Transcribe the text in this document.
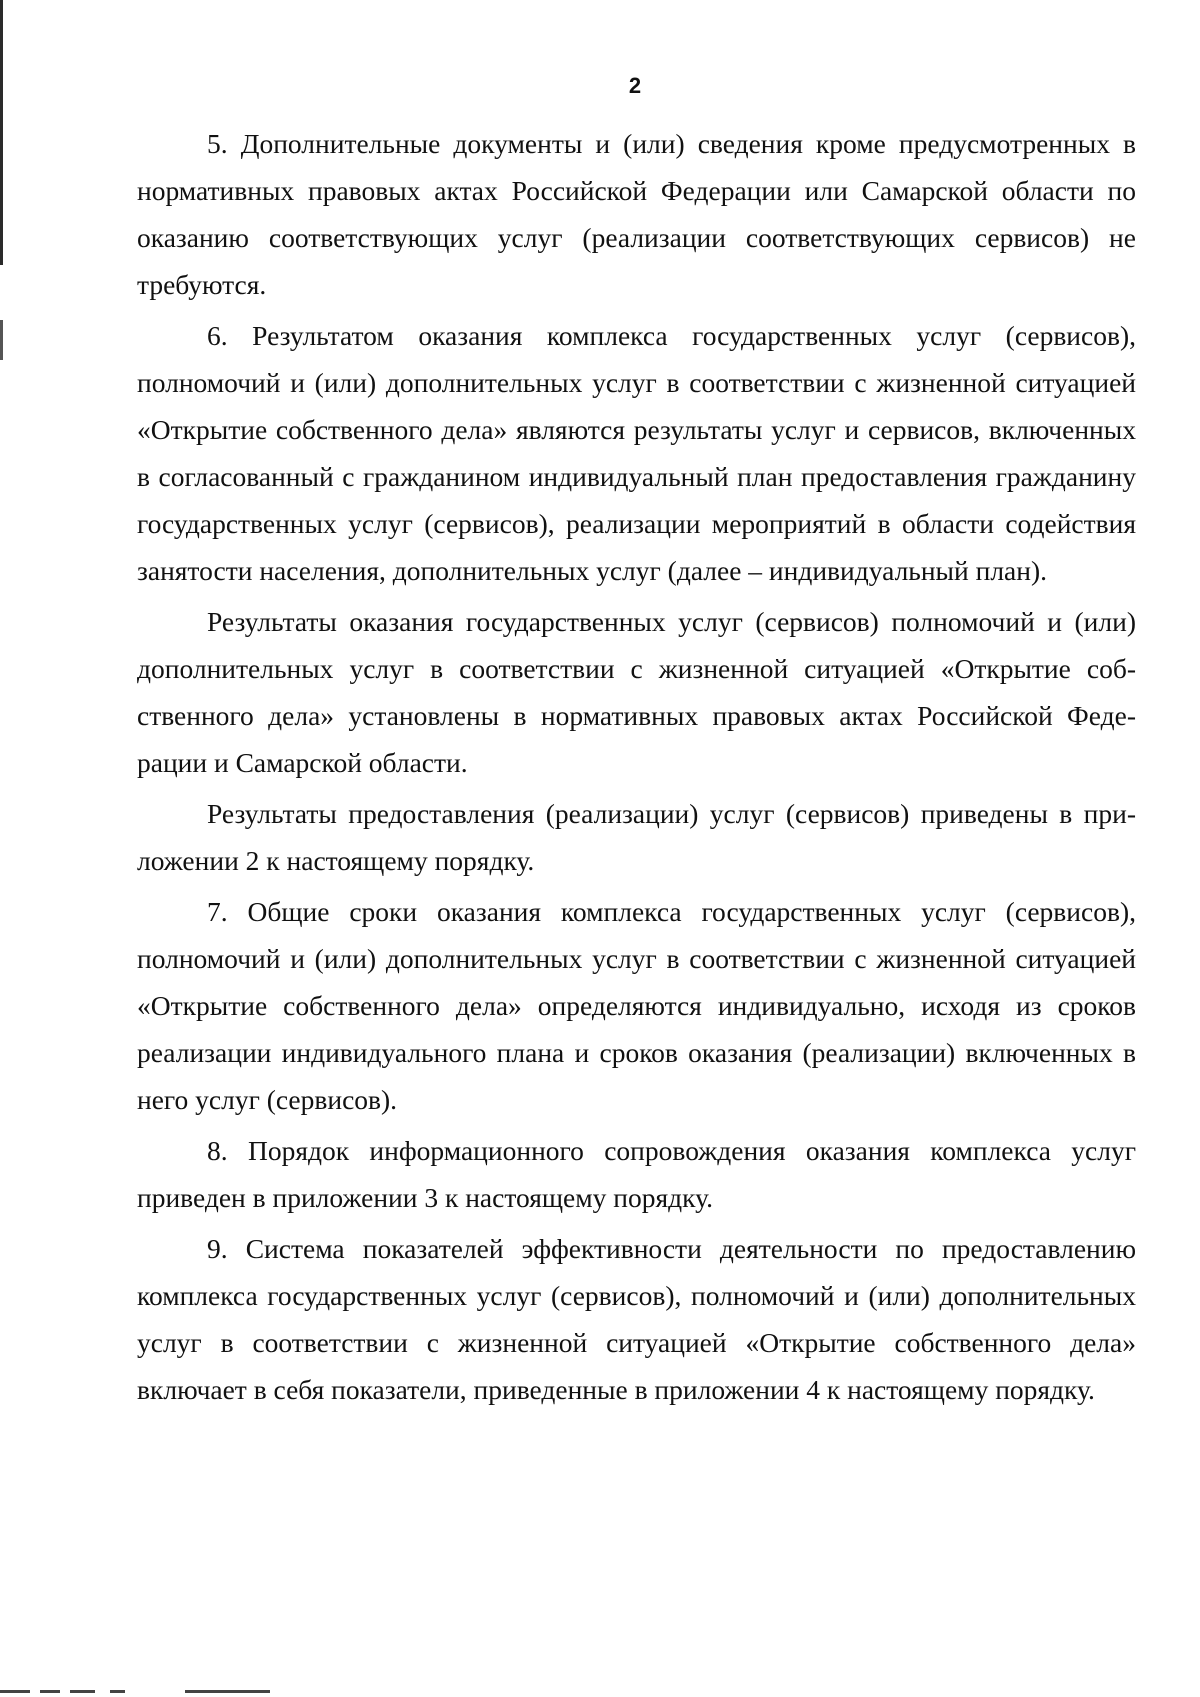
2

5. Дополнительные документы и (или) сведения кроме предусмотренных в нормативных правовых актах Российской Федерации или Самарской области по оказанию соответствующих услуг (реализации соответствующих сервисов) не требуются.

6. Результатом оказания комплекса государственных услуг (сервисов), полномочий и (или) дополнительных услуг в соответствии с жизненной ситуацией «Открытие собственного дела» являются результаты услуг и сервисов, включенных в согласованный с гражданином индивидуальный план предоставления гражданину государственных услуг (сервисов), реализации мероприятий в области содействия занятости населения, дополнительных услуг (далее – индивидуальный план).

Результаты оказания государственных услуг (сервисов) полномочий и (или) дополнительных услуг в соответствии с жизненной ситуацией «Открытие собственного дела» установлены в нормативных правовых актах Российской Федерации и Самарской области.

Результаты предоставления (реализации) услуг (сервисов) приведены в приложении 2 к настоящему порядку.

7. Общие сроки оказания комплекса государственных услуг (сервисов), полномочий и (или) дополнительных услуг в соответствии с жизненной ситуацией «Открытие собственного дела» определяются индивидуально, исходя из сроков реализации индивидуального плана и сроков оказания (реализации) включенных в него услуг (сервисов).

8. Порядок информационного сопровождения оказания комплекса услуг приведен в приложении 3 к настоящему порядку.

9. Система показателей эффективности деятельности по предоставлению комплекса государственных услуг (сервисов), полномочий и (или) дополнительных услуг в соответствии с жизненной ситуацией «Открытие собственного дела» включает в себя показатели, приведенные в приложении 4 к настоящему порядку.
